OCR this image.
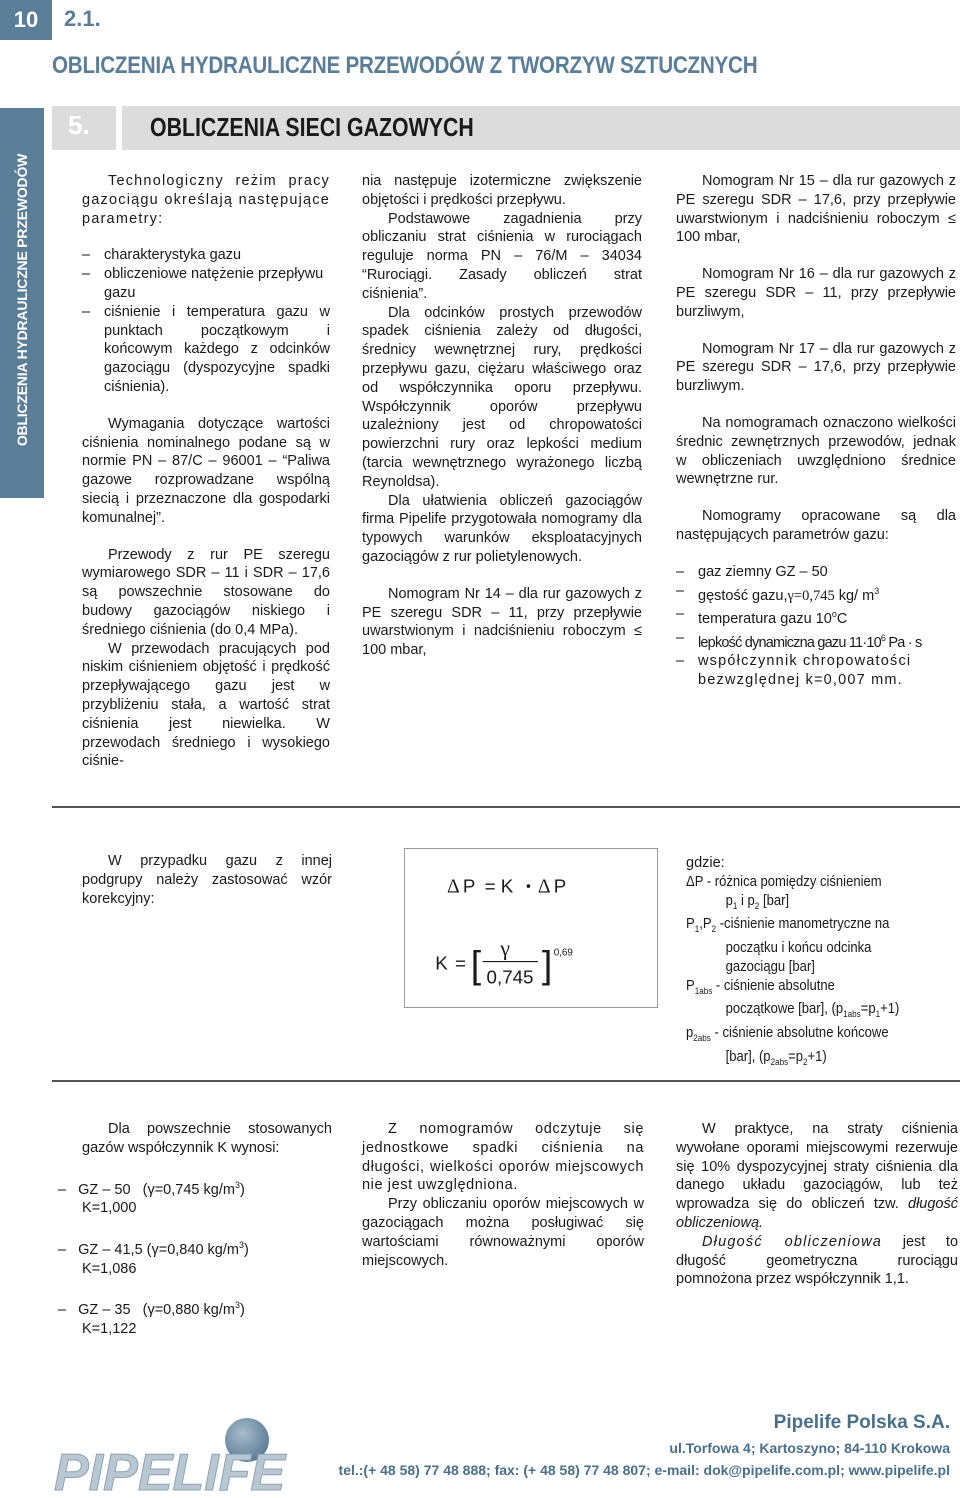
10	2.1.
OBLICZENIA HYDRAULICZNE PRZEWODÓW Z TWORZYW SZTUCZNYCH
OBLICZENIA HYDRAULICZNE PRZEWODÓW
5. OBLICZENIA SIECI GAZOWYCH

Technologiczny reżim pracy gazociągu określają następujące parametry:

– charakterystyka gazu
– obliczeniowe natężenie przepływu gazu
– ciśnienie i temperatura gazu w punktach początkowym i końcowym każdego z odcinków gazociągu (dyspozycyjne spadki ciśnienia).

Wymagania dotyczące wartości ciśnienia nominalnego podane są w normie PN – 87/C – 96001 – “Paliwa gazowe rozprowadzane wspólną siecią i przeznaczone dla gospodarki komunalnej”.

Przewody z rur PE szeregu wymiarowego SDR – 11 i SDR – 17,6 są powszechnie stosowane do budowy gazociągów niskiego i średniego ciśnienia (do 0,4 MPa).

W przewodach pracujących pod niskim ciśnieniem objętość i prędkość przepływającego gazu jest w przybliżeniu stała, a wartość strat ciśnienia jest niewielka. W przewodach średniego i wysokiego ciśnie-

nia następuje izotermiczne zwiększenie objętości i prędkości przepływu.

Podstawowe zagadnienia przy obliczaniu strat ciśnienia w rurociągach reguluje norma PN – 76/M – 34034 “Rurociągi. Zasady obliczeń strat ciśnienia”.

Dla odcinków prostych przewodów spadek ciśnienia zależy od długości, średnicy wewnętrznej rury, prędkości przepływu gazu, ciężaru właściwego oraz od współczynnika oporu przepływu. Współczynnik oporów przepływu uzależniony jest od chropowatości powierzchni rury oraz lepkości medium (tarcia wewnętrznego wyrażonego liczbą Reynoldsa).

Dla ułatwienia obliczeń gazociągów firma Pipelife przygotowała nomogramy dla typowych warunków eksploatacyjnych gazociągów z rur polietylenowych.

Nomogram Nr 14 – dla rur gazowych z PE szeregu SDR – 11, przy przepływie uwarstwionym i nadciśnieniu roboczym ≤ 100 mbar,

Nomogram Nr 15 – dla rur gazowych z PE szeregu SDR – 17,6, przy przepływie uwarstwionym i nadciśnieniu roboczym ≤ 100 mbar,

Nomogram Nr 16 – dla rur gazowych z PE szeregu SDR – 11, przy przepływie burzliwym,

Nomogram Nr 17 – dla rur gazowych z PE szeregu SDR – 17,6, przy przepływie burzliwym.

Na nomogramach oznaczono wielkości średnic zewnętrznych przewodów, jednak w obliczeniach uwzględniono średnice wewnętrzne rur.

Nomogramy opracowane są dla następujących parametrów gazu:

– gaz ziemny GZ – 50
– gęstość gazu,γ=0,745 kg/ $m^3$
– temperatura gazu 10$^o$C
– lepkość dynamiczna gazu $11\cdot 10^6$ Pa · s
– współczynnik chropowatości bezwzględnej k=0,007 mm.

W przypadku gazu z innej podgrupy należy zastosować wzór korekcyjny:

Δ P = K • Δ P
K = [ γ
0,745 ] 0,69
gdzie:
ΔP - różnica pomiędzy ciśnieniem
$p_1$ i $p_2$ [bar]
$P_1,P_2$ -ciśnienie manometryczne na
początku i końcu odcinka
gazociągu [bar]
$P_{1abs}$ - ciśnienie absolutne
początkowe [bar], $(p_{1abs}=p_1+1)$
$p_{2abs}$ - ciśnienie absolutne końcowe
[bar], $(p_{2abs}=p_2+1)$

Dla powszechnie stosowanych gazów współczynnik K wynosi:

–   GZ – 50 (γ=0,745 $kg/m^3$)
K=1,000
–   GZ – 41,5 (γ=0,840 $kg/m^3$)
K=1,086
–   GZ – 35 (γ=0,880 $kg/m^3$)
K=1,122

Z nomogramów odczytuje się jednostkowe spadki ciśnienia na długości, wielkości oporów miejscowych nie jest uwzględniona.

Przy obliczaniu oporów miejscowych w gazociągach można posługiwać się wartościami równoważnymi oporów miejscowych.

W praktyce, na straty ciśnienia wywołane oporami miejscowymi rezerwuje się 10% dyspozycyjnej straty ciśnienia dla danego układu gazociągów, lub też wprowadza się do obliczeń tzw. długość obliczeniową.

Długość obliczeniowa jest to długość geometryczna rurociągu pomnożona przez współczynnik 1,1.

PIPELIFE
Pipelife Polska S.A.
ul.Torfowa 4; Kartoszyno; 84-110 Krokowa
tel.:(+ 48 58) 77 48 888; fax: (+ 48 58) 77 48 807; e-mail: dok@pipelife.com.pl; www.pipelife.pl
